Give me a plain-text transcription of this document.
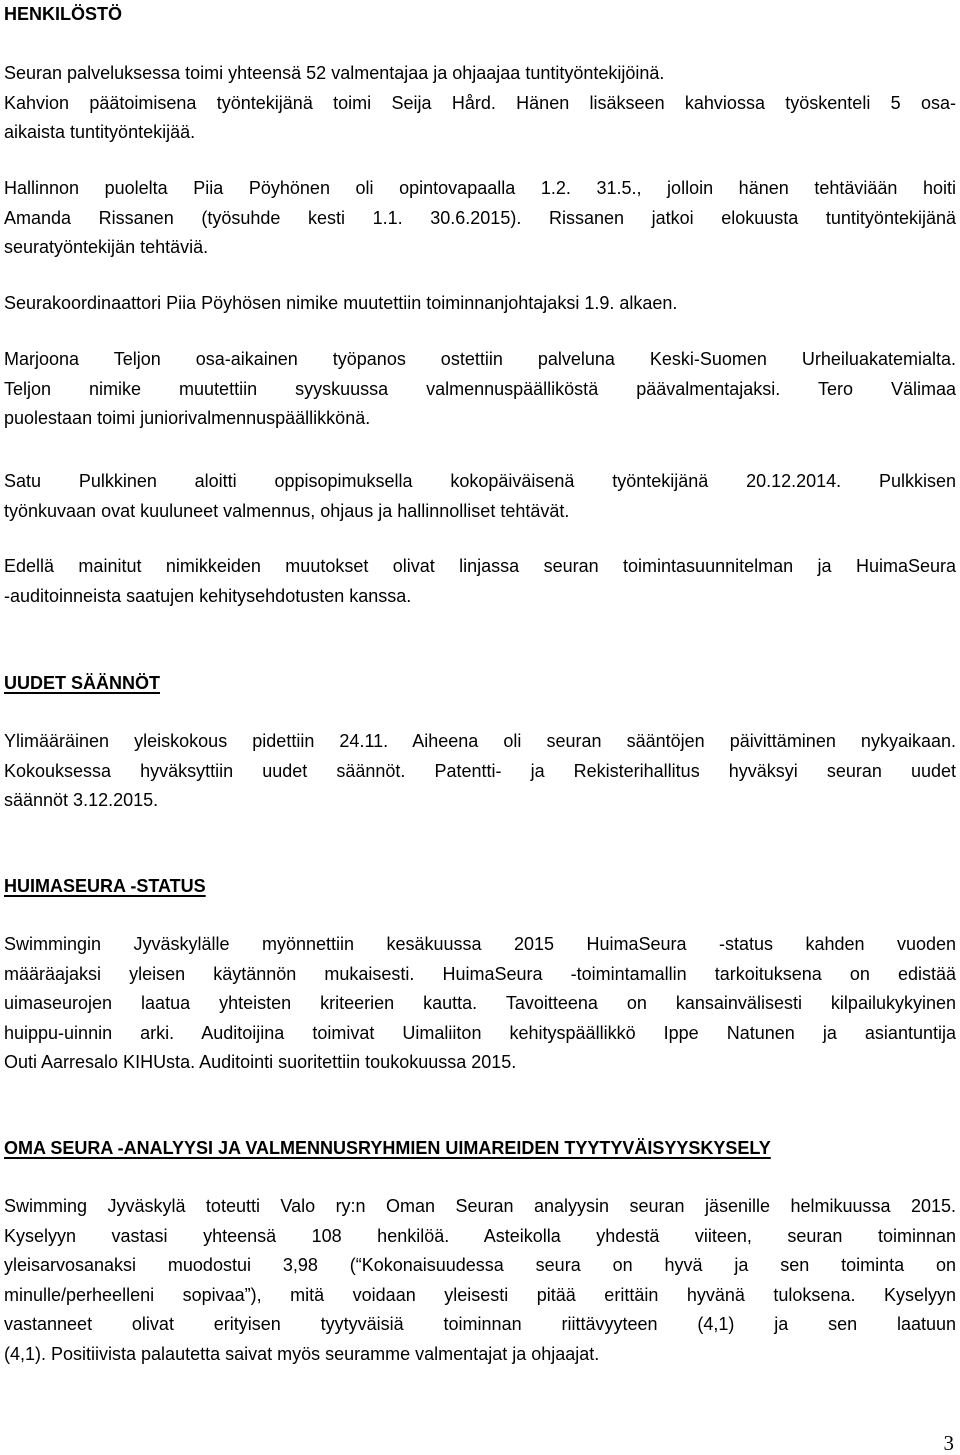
HENKILÖSTÖ
Seuran palveluksessa toimi yhteensä 52 valmentajaa ja ohjaajaa tuntityöntekijöinä.
Kahvion päätoimisena työntekijänä toimi Seija Hård. Hänen lisäkseen kahviossa työskenteli 5 osa-
aikaista tuntityöntekijää.
Hallinnon puolelta Piia Pöyhönen oli opintovapaalla 1.2. 31.5., jolloin hänen tehtäviään hoiti
Amanda Rissanen (työsuhde kesti 1.1. 30.6.2015). Rissanen jatkoi elokuusta tuntityöntekijänä
seuratyöntekijän tehtäviä.
Seurakoordinaattori Piia Pöyhösen nimike muutettiin toiminnanjohtajaksi 1.9. alkaen.
Marjoona Teljon osa-aikainen työpanos ostettiin palveluna Keski-Suomen Urheiluakatemialta.
Teljon nimike muutettiin syyskuussa valmennuspäälliköstä päävalmentajaksi. Tero Välimaa
puolestaan toimi juniorivalmennuspäällikkönä.
Satu Pulkkinen aloitti oppisopimuksella kokopäiväisenä työntekijänä 20.12.2014. Pulkkisen
työnkuvaan ovat kuuluneet valmennus, ohjaus ja hallinnolliset tehtävät.
Edellä mainitut nimikkeiden muutokset olivat linjassa seuran toimintasuunnitelman ja HuimaSeura
-auditoinneista saatujen kehitysehdotusten kanssa.
UUDET SÄÄNNÖT
Ylimääräinen yleiskokous pidettiin 24.11. Aiheena oli seuran sääntöjen päivittäminen nykyaikaan.
Kokouksessa hyväksyttiin uudet säännöt. Patentti- ja Rekisterihallitus hyväksyi seuran uudet
säännöt 3.12.2015.
HUIMASEURA -STATUS
Swimmingin Jyväskylälle myönnettiin kesäkuussa 2015 HuimaSeura -status kahden vuoden
määräajaksi yleisen käytännön mukaisesti. HuimaSeura -toimintamallin tarkoituksena on edistää
uimaseurojen laatua yhteisten kriteerien kautta. Tavoitteena on kansainvälisesti kilpailukykyinen
huippu-uinnin arki. Auditoijina toimivat Uimaliiton kehityspäällikkö Ippe Natunen ja asiantuntija
Outi Aarresalo KIHUsta. Auditointi suoritettiin toukokuussa 2015.
OMA SEURA -ANALYYSI JA VALMENNUSRYHMIEN UIMAREIDEN TYYTYVÄISYYSKYSELY
Swimming Jyväskylä toteutti Valo ry:n Oman Seuran analyysin seuran jäsenille helmikuussa 2015.
Kyselyyn vastasi yhteensä 108 henkilöä. Asteikolla yhdestä viiteen, seuran toiminnan
yleisarvosanaksi muodostui 3,98 (“Kokonaisuudessa seura on hyvä ja sen toiminta on
minulle/perheelleni sopivaa”), mitä voidaan yleisesti pitää erittäin hyvänä tuloksena. Kyselyyn
vastanneet olivat erityisen tyytyväisiä toiminnan riittävyyteen (4,1) ja sen laatuun
(4,1). Positiivista palautetta saivat myös seuramme valmentajat ja ohjaajat.
3
